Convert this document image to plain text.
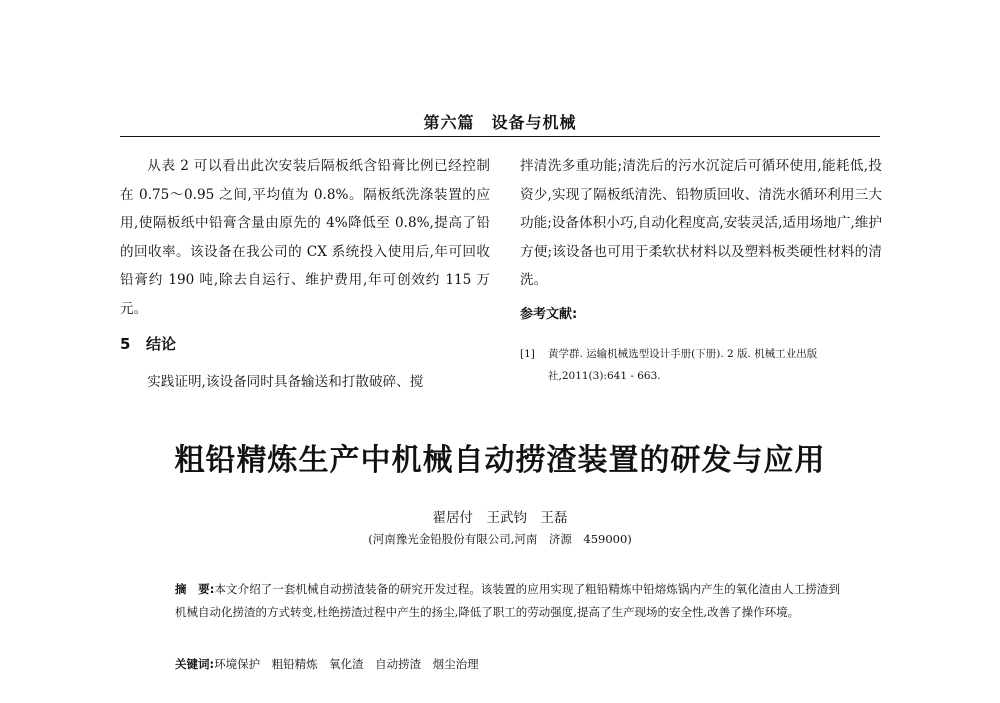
第六篇　设备与机械

从表 2 可以看出此次安装后隔板纸含铅膏比例已经控制在 0.75～0.95 之间,平均值为 0.8%。隔板纸洗涤装置的应用,使隔板纸中铅膏含量由原先的 4%降低至 0.8%,提高了铅的回收率。该设备在我公司的 CX 系统投入使用后,年可回收铅膏约 190 吨,除去自运行、维护费用,年可创效约 115 万元。

5 结论

实践证明,该设备同时具备输送和打散破碎、搅

拌清洗多重功能;清洗后的污水沉淀后可循环使用,能耗低,投资少,实现了隔板纸清洗、铅物质回收、清洗水循环利用三大功能;设备体积小巧,自动化程度高,安装灵活,适用场地广,维护方便;该设备也可用于柔软状材料以及塑料板类硬性材料的清洗。
参考文献:
[1] 黄学群. 运输机械选型设计手册(下册). 2 版. 机械工业出版
社,2011(3):641 - 663.
粗铅精炼生产中机械自动捞渣装置的研发与应用
翟居付　王武钧　王磊
(河南豫光金铅股份有限公司,河南　济源　459000)
摘　要:本文介绍了一套机械自动捞渣装备的研究开发过程。该装置的应用实现了粗铅精炼中铅熔炼锅内产生的氧化渣由人工捞渣到机械自动化捞渣的方式转变,杜绝捞渣过程中产生的扬尘,降低了职工的劳动强度,提高了生产现场的安全性,改善了操作环境。
关键词:环境保护　粗铅精炼　氧化渣　自动捞渣　烟尘治理
